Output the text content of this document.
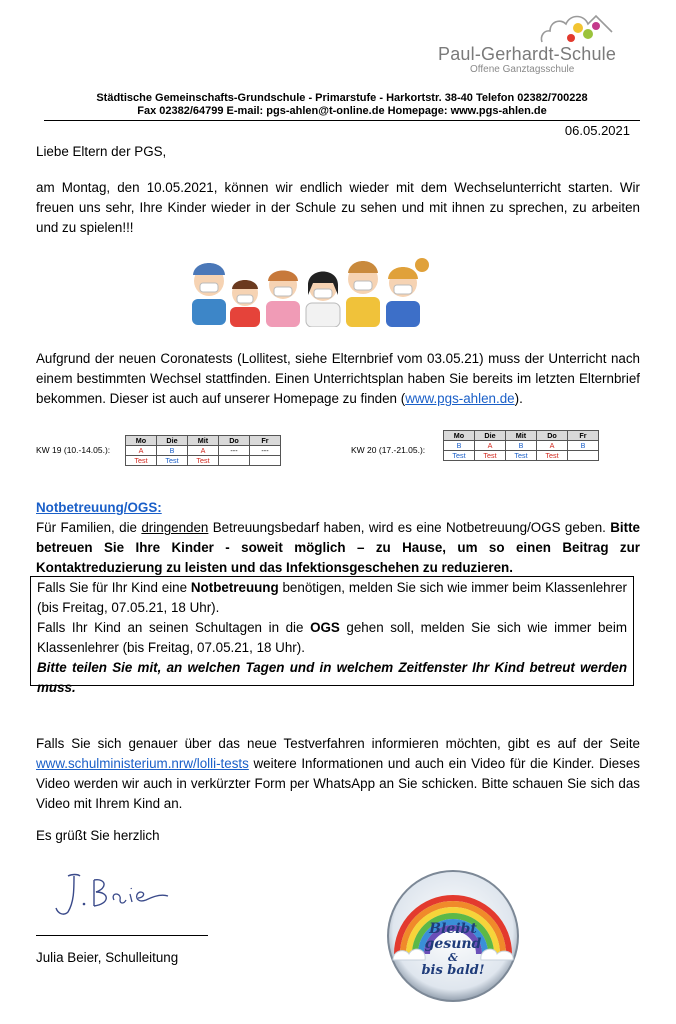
Paul-Gerhardt-Schule
Offene Ganztagsschule
Städtische Gemeinschafts-Grundschule - Primarstufe - Harkortstr. 38-40 Telefon 02382/700228
Fax 02382/64799 E-mail: pgs-ahlen@t-online.de Homepage: www.pgs-ahlen.de
06.05.2021
Liebe Eltern der PGS,
am Montag, den 10.05.2021, können wir endlich wieder mit dem Wechselunterricht starten. Wir freuen uns sehr, Ihre Kinder wieder in der Schule zu sehen und mit ihnen zu sprechen, zu arbeiten und zu spielen!!!
Aufgrund der neuen Coronatests (Lollitest, siehe Elternbrief vom 03.05.21) muss der Unterricht nach einem bestimmten Wechsel stattfinden. Einen Unterrichtsplan haben Sie bereits im letzten Elternbrief bekommen. Dieser ist auch auf unserer Homepage zu finden (www.pgs-ahlen.de).
KW 19 (10.-14.05.):
Mo	Die	Mit	Do	Fr
A	B	A	---	---
Test	Test	Test		
KW 20 (17.-21.05.):
Mo	Die	Mit	Do	Fr
B	A	B	A	B
Test	Test	Test	Test	
Notbetreuung/OGS:
Für Familien, die dringenden Betreuungsbedarf haben, wird es eine Notbetreuung/OGS geben. Bitte betreuen Sie Ihre Kinder - soweit möglich – zu Hause, um so einen Beitrag zur Kontaktreduzierung zu leisten und das Infektionsgeschehen zu reduzieren.
Falls Sie für Ihr Kind eine Notbetreuung benötigen, melden Sie sich wie immer beim Klassenlehrer (bis Freitag, 07.05.21, 18 Uhr).
Falls Ihr Kind an seinen Schultagen in die OGS gehen soll, melden Sie sich wie immer beim Klassenlehrer (bis Freitag, 07.05.21, 18 Uhr).
Bitte teilen Sie mit, an welchen Tagen und in welchem Zeitfenster Ihr Kind betreut werden muss.
Falls Sie sich genauer über das neue Testverfahren informieren möchten, gibt es auf der Seite www.schulministerium.nrw/lolli-tests weitere Informationen und auch ein Video für die Kinder. Dieses Video werden wir auch in verkürzter Form per WhatsApp an Sie schicken. Bitte schauen Sie sich das Video mit Ihrem Kind an.
Es grüßt Sie herzlich
Julia Beier, Schulleitung
Bleibt
gesund
&
bis bald!
